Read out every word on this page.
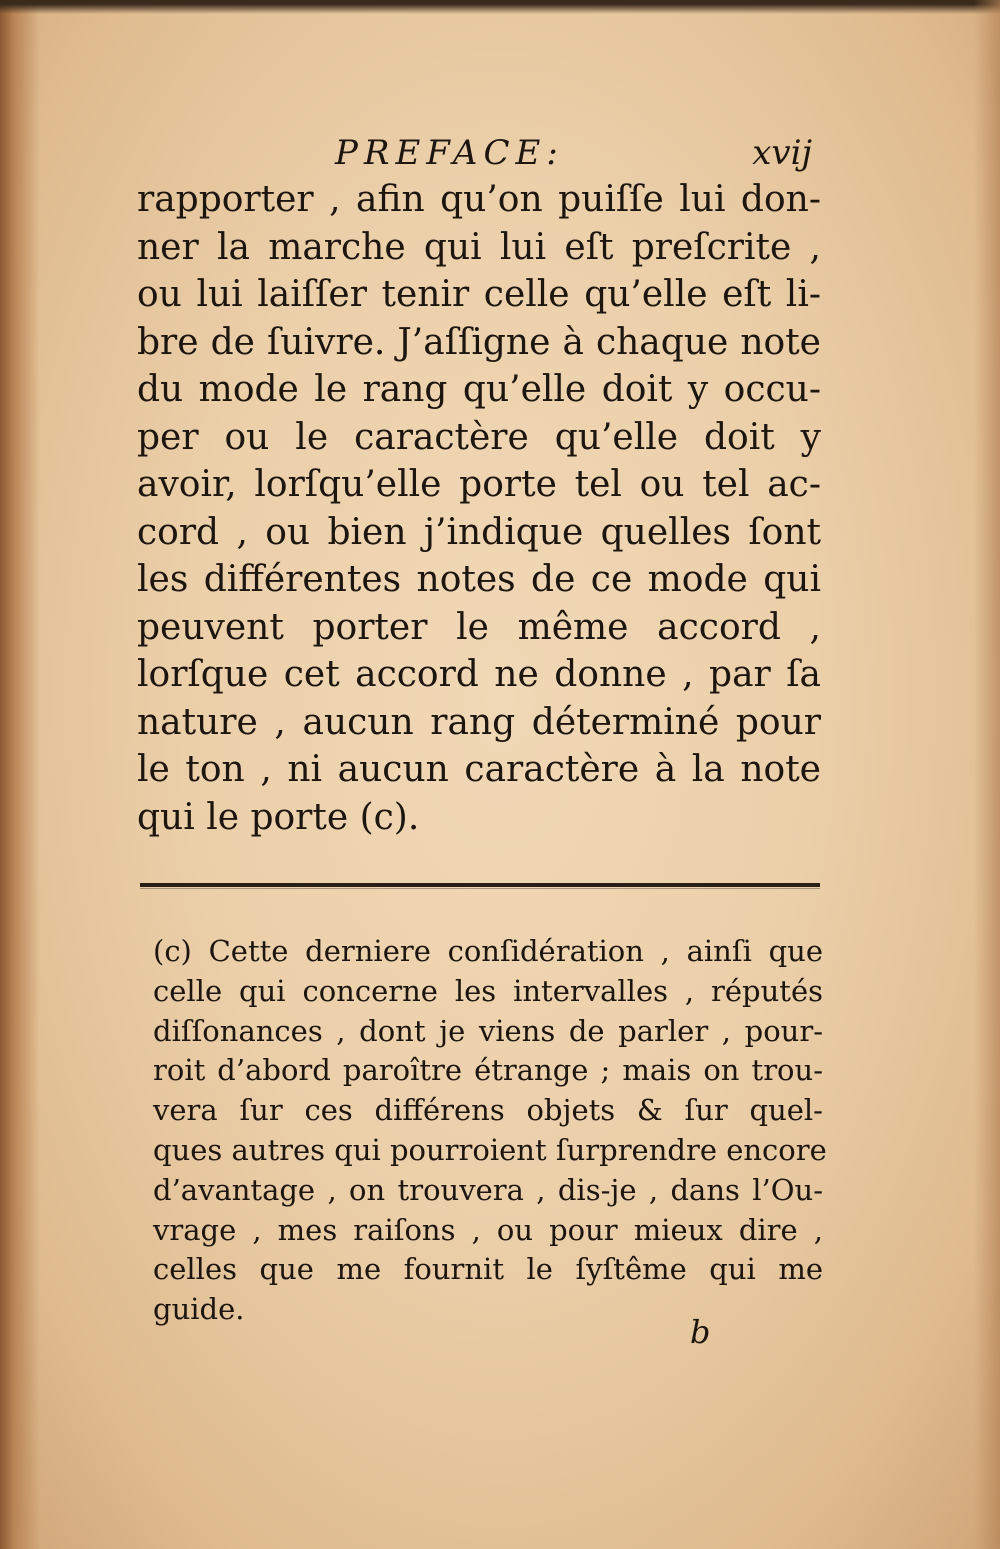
PREFACE:	xvij
rapporter , afin qu’on puiſſe lui don-
ner la marche qui lui eſt preſcrite ,
ou lui laiſſer tenir celle qu’elle eſt li-
bre de ſuivre. J’aſſigne à chaque note
du mode le rang qu’elle doit y occu-
per ou le caractère qu’elle doit y
avoir, lorſqu’elle porte tel ou tel ac-
cord , ou bien j’indique quelles ſont
les différentes notes de ce mode qui
peuvent porter le même accord ,
lorſque cet accord ne donne , par ſa
nature , aucun rang déterminé pour
le ton , ni aucun caractère à la note
qui le porte (c).
(c) Cette derniere conſidération , ainſi que
celle qui concerne les intervalles , réputés
diſſonances , dont je viens de parler , pour-
roit d’abord paroître étrange ; mais on trou-
vera ſur ces différens objets & ſur quel-
ques autres qui pourroient ſurprendre encore
d’avantage , on trouvera , dis-je , dans l’Ou-
vrage , mes raiſons , ou pour mieux dire ,
celles que me fournit le ſyſtême qui me
guide.
b
